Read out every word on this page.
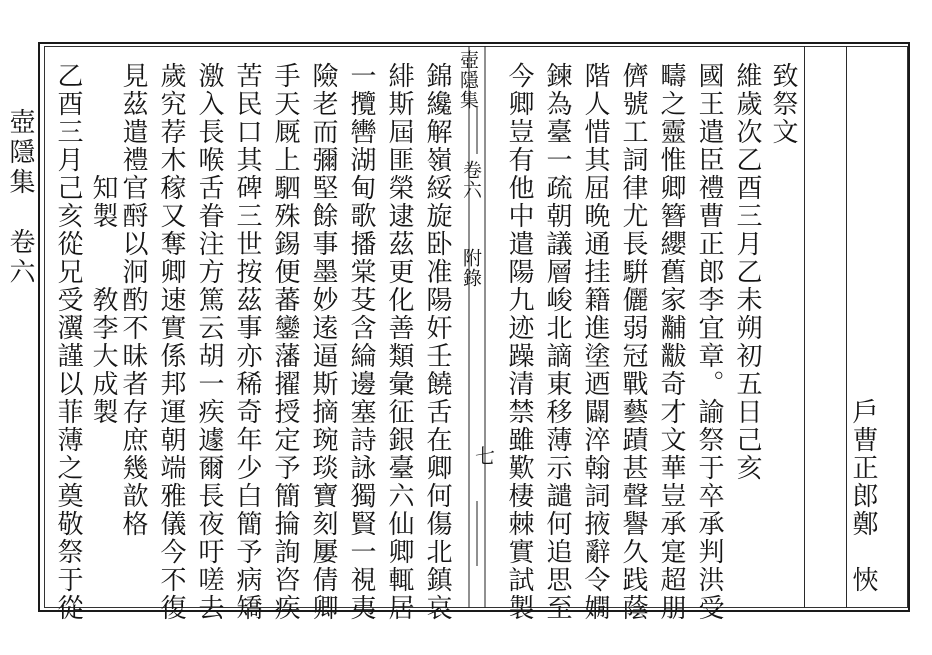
壺隱集　卷六
壺隱集
卷六
附錄
七	戶曹正郎鄭　悏
致祭文
維歲次乙酉三月乙未朔初五日己亥
國王遣臣禮曹正郎李宜章。諭祭于卒承判洪受
疇之靈惟卿簪纓舊家黼黻奇才文華豈承寔超朋
儕號工詞律尤長騈儷弱冠戰藝蹟甚聲譽久践蔭
階人惜其屈晩通挂籍進塗迺闢淬翰詞掖辭令嫺
鍊為臺一疏朝議層峻北謫東移薄示譴何追思至
今卿豈有他中遣陽九迹躁清禁雖歎棲棘實試製
錦纔解嶺綏旋卧准陽奸壬饒舌在卿何傷北鎮哀
緋斯屆匪榮逮茲更化善類彙征銀臺六仙卿輒居
一攬轡湖甸歌播棠芟含綸邊塞詩詠獨賢一視夷
險老而彌堅餘事墨妙逺逼斯摘琬琰寶刻屢倩卿
手天厩上駟殊錫便蕃鑾藩擢授定予簡掄詢咨疾
苦民口其碑三世按茲事亦稀奇年少白簡予病矯
激入長喉舌眷注方篤云胡一疾遽爾長夜吁嗟去
歲究荐木稼又奪卿速實係邦運朝端雅儀今不復
見茲遣禮官酹以泂酌不昧者存庶幾歆格
　　　　知製　　敎李大成製
乙酉三月己亥從兄受瀷謹以菲薄之奠敬祭于從
